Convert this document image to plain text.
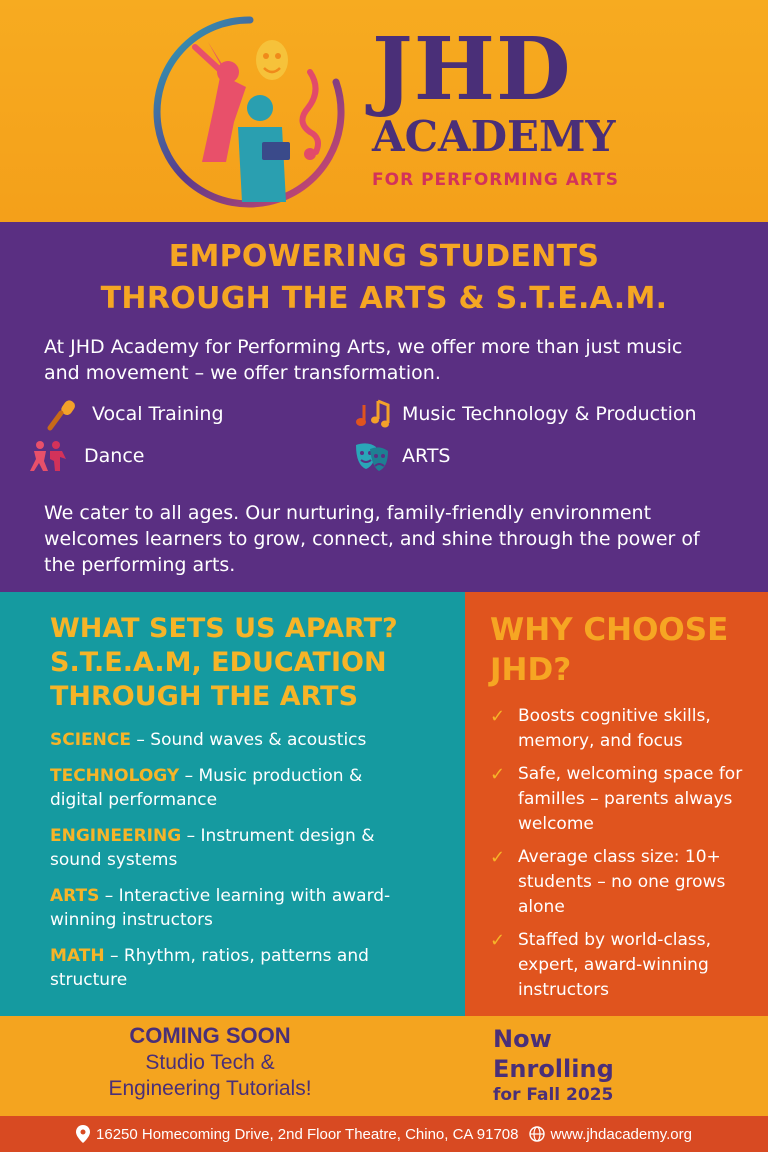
JHD
ACADEMY
FOR PERFORMING ARTS
EMPOWERING STUDENTS
THROUGH THE ARTS & S.T.E.A.M.

At JHD Academy for Performing Arts, we offer more than just music and movement – we offer transformation.

Vocal Training	Music Technology & Production
Dance	ARTS

We cater to all ages. Our nurturing, family-friendly environment welcomes learners to grow, connect, and shine through the power of the performing arts.

WHAT SETS US APART?
S.T.E.A.M, EDUCATION
THROUGH THE ARTS
SCIENCE – Sound waves & acoustics
TECHNOLOGY – Music production & digital performance
ENGINEERING – Instrument design & sound systems
ARTS – Interactive learning with award-winning instructors
MATH – Rhythm, ratios, patterns and structure
WHY CHOOSE
JHD?
✓ Boosts cognitive skills, memory, and focus
✓ Safe, welcoming space for famiIles – parents always welcome
✓ Average class size: 10+ students – no one grows alone
✓ Staffed by world-class, expert, award-winning instructors
COMING SOON
Studio Tech &
Engineering Tutorials!
Now
Enrolling
for Fall 2025
16250 Homecoming Drive, 2nd Floor Theatre, Chino, CA 91708 www.jhdacademy.org
